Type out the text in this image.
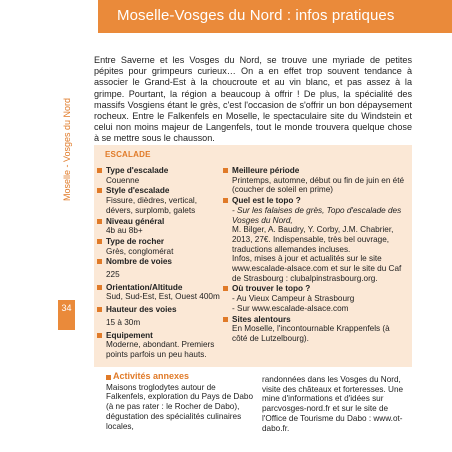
Moselle-Vosges du Nord : infos pratiques
Moselle - Vosges du Nord
34
Entre Saverne et les Vosges du Nord, se trouve une myriade de petites pépites pour grimpeurs curieux… On a en effet trop souvent tendance à associer le Grand-Est à la choucroute et au vin blanc, et pas assez à la grimpe. Pourtant, la région a beaucoup à offrir ! De plus, la spécialité des massifs Vosgiens étant le grès, c'est l'occasion de s'offrir un bon dépaysement rocheux. Entre le Falkenfels en Moselle, le spectaculaire site du Windstein et celui non moins majeur de Langenfels, tout le monde trouvera quelque chose à se mettre sous le chausson.
ESCALADE
Type d'escalade
Couenne
Style d'escalade
Fissure, dièdres, vertical, dévers, surplomb, galets
Niveau général
4b au 8b+
Type de rocher
Grès, conglomérat
Nombre de voies
225
Orientation/Altitude
Sud, Sud-Est, Est, Ouest 400m
Hauteur des voies
15 à 30m
Equipement
Moderne, abondant. Premiers points parfois un peu hauts.
Meilleure période
Printemps, automne, début ou fin de juin en été (coucher de soleil en prime)
Quel est le topo ?
- Sur les falaises de grès, Topo d'escalade des Vosges du Nord,
M. Bilger, A. Baudry, Y. Corby, J.M. Chabrier, 2013, 27€. Indispensable, très bel ouvrage, traductions allemandes incluses.
Infos, mises à jour et actualités sur le site www.escalade-alsace.com et sur le site du Caf de Strasbourg : clubalpinstrasbourg.org.
Où trouver le topo ?
- Au Vieux Campeur à Strasbourg
- Sur www.escalade-alsace.com
Sites alentours
En Moselle, l'incontournable Krappenfels (à côté de Lutzelbourg).
Activités annexes
Maisons troglodytes autour de Falkenfels, exploration du Pays de Dabo (à ne pas rater : le Rocher de Dabo), dégustation des spécialités culinaires locales,
randonnées dans les Vosges du Nord, visite des châteaux et forteresses. Une mine d'informations et d'idées sur parcvosges-nord.fr et sur le site de l'Office de Tourisme du Dabo : www.ot-dabo.fr.
